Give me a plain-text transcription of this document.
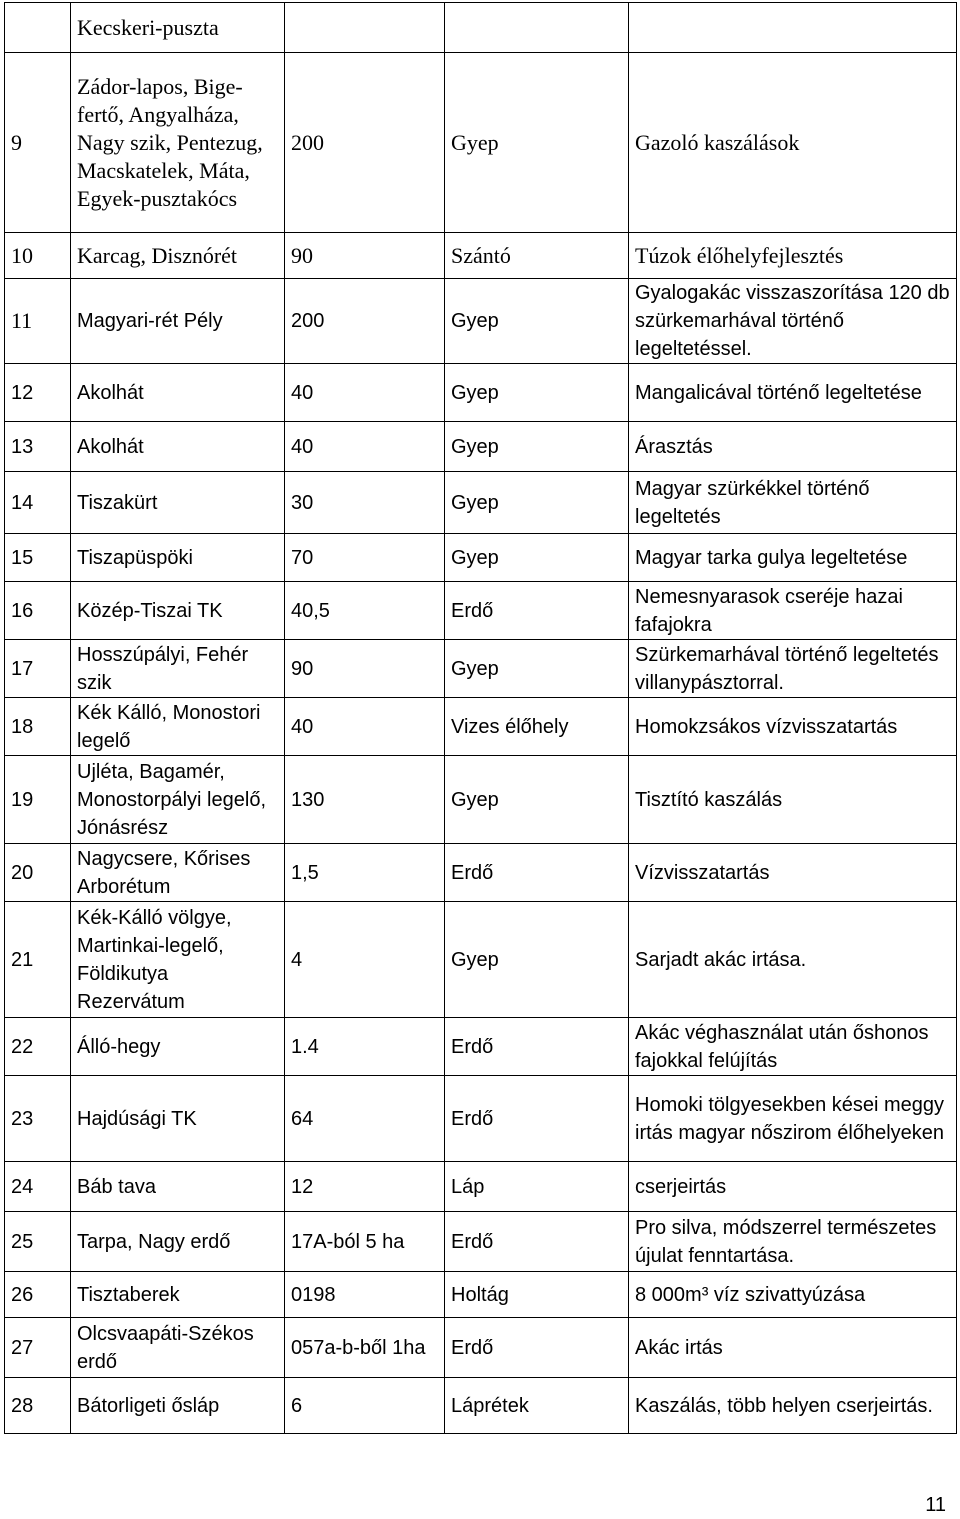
	Kecskeri-puszta			
9	Zádor-lapos, Bige-fertő, Angyalháza, Nagy szik, Pentezug, Macskatelek, Máta, Egyek-pusztakócs	200	Gyep	Gazoló kaszálások
10	Karcag, Disznórét	90	Szántó	Túzok élőhelyfejlesztés
11	Magyari-rét Pély	200	Gyep	Gyalogakác visszaszorítása 120 db szürkemarhával történő legeltetéssel.
12	Akolhát	40	Gyep	Mangalicával történő legeltetése
13	Akolhát	40	Gyep	Árasztás
14	Tiszakürt	30	Gyep	Magyar szürkékkel történő legeltetés
15	Tiszapüspöki	70	Gyep	Magyar tarka gulya legeltetése
16	Közép-Tiszai TK	40,5	Erdő	Nemesnyarasok cseréje hazai fafajokra
17	Hosszúpályi, Fehér szik	90	Gyep	Szürkemarhával történő legeltetés villanypásztorral.
18	Kék Kálló, Monostori legelő	40	Vizes élőhely	Homokzsákos vízvisszatartás
19	Ujléta, Bagamér, Monostorpályi legelő, Jónásrész	130	Gyep	Tisztító kaszálás
20	Nagycsere, Kőrises Arborétum	1,5	Erdő	Vízvisszatartás
21	Kék-Kálló völgye, Martinkai-legelő, Földikutya Rezervátum	4	Gyep	Sarjadt akác irtása.
22	Álló-hegy	1.4	Erdő	Akác véghasználat után őshonos fajokkal felújítás
23	Hajdúsági TK	64	Erdő	Homoki tölgyesekben kései meggy irtás magyar nőszirom élőhelyeken
24	Báb tava	12	Láp	cserjeirtás
25	Tarpa, Nagy erdő	17A-ból 5 ha	Erdő	Pro silva, módszerrel természetes újulat fenntartása.
26	Tisztaberek	0198	Holtág	8 000m³ víz szivattyúzása
27	Olcsvaapáti-Székos erdő	057a-b-ből 1ha	Erdő	Akác irtás
28	Bátorligeti ősláp	6	Láprétek	Kaszálás, több helyen cserjeirtás.
11
